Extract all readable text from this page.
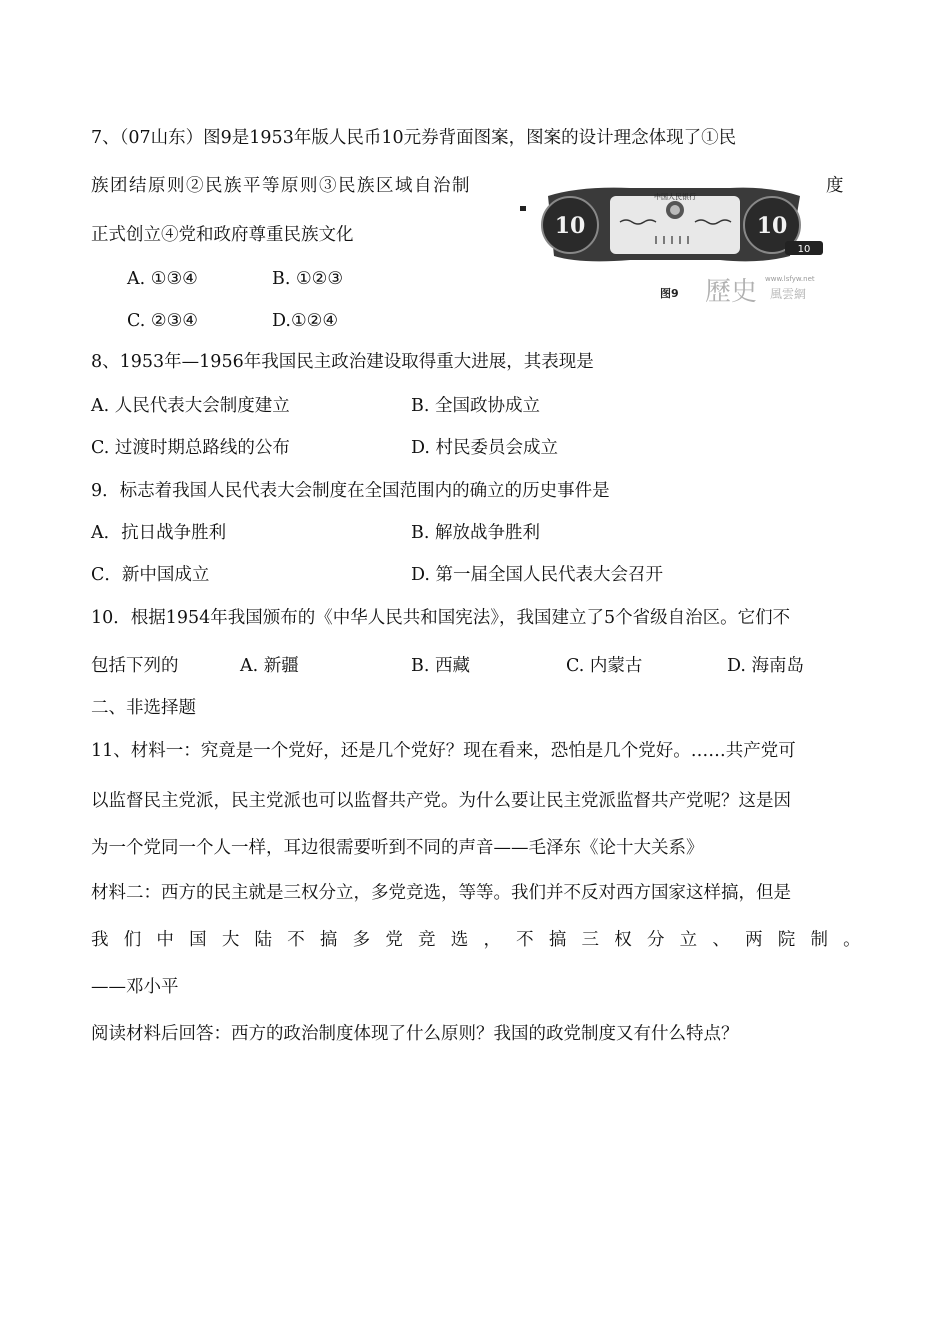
7、（07山东）图9是1953年版人民币10元券背面图案，图案的设计理念体现了①民
族团结原则②民族平等原则③民族区域自治制	度
正式创立④党和政府尊重民族文化
A. ①③④	B. ①②③
C. ②③④	D.①②④
10	10
中国人民银行
10
图9 歷史 www.lsfyw.net
風雲網
8、1953年—1956年我国民主政治建设取得重大进展，其表现是
A. 人民代表大会制度建立	B. 全国政协成立
C. 过渡时期总路线的公布	D. 村民委员会成立
9．标志着我国人民代表大会制度在全国范围内的确立的历史事件是
A．抗日战争胜利	B. 解放战争胜利
C．新中国成立	D. 第一届全国人民代表大会召开
10．根据1954年我国颁布的《中华人民共和国宪法》，我国建立了5个省级自治区。它们不
包括下列的	A. 新疆	B. 西藏	C. 内蒙古	D. 海南岛
二、非选择题
11、材料一：究竟是一个党好，还是几个党好？现在看来，恐怕是几个党好。……共产党可
以监督民主党派，民主党派也可以监督共产党。为什么要让民主党派监督共产党呢？这是因
为一个党同一个人一样，耳边很需要听到不同的声音——毛泽东《论十大关系》
材料二：西方的民主就是三权分立，多党竞选，等等。我们并不反对西方国家这样搞，但是
我 们 中 国 大 陆 不 搞 多 党 竞 选 ， 不 搞 三 权 分 立 、 两 院 制 。
——邓小平
阅读材料后回答：西方的政治制度体现了什么原则？我国的政党制度又有什么特点？
